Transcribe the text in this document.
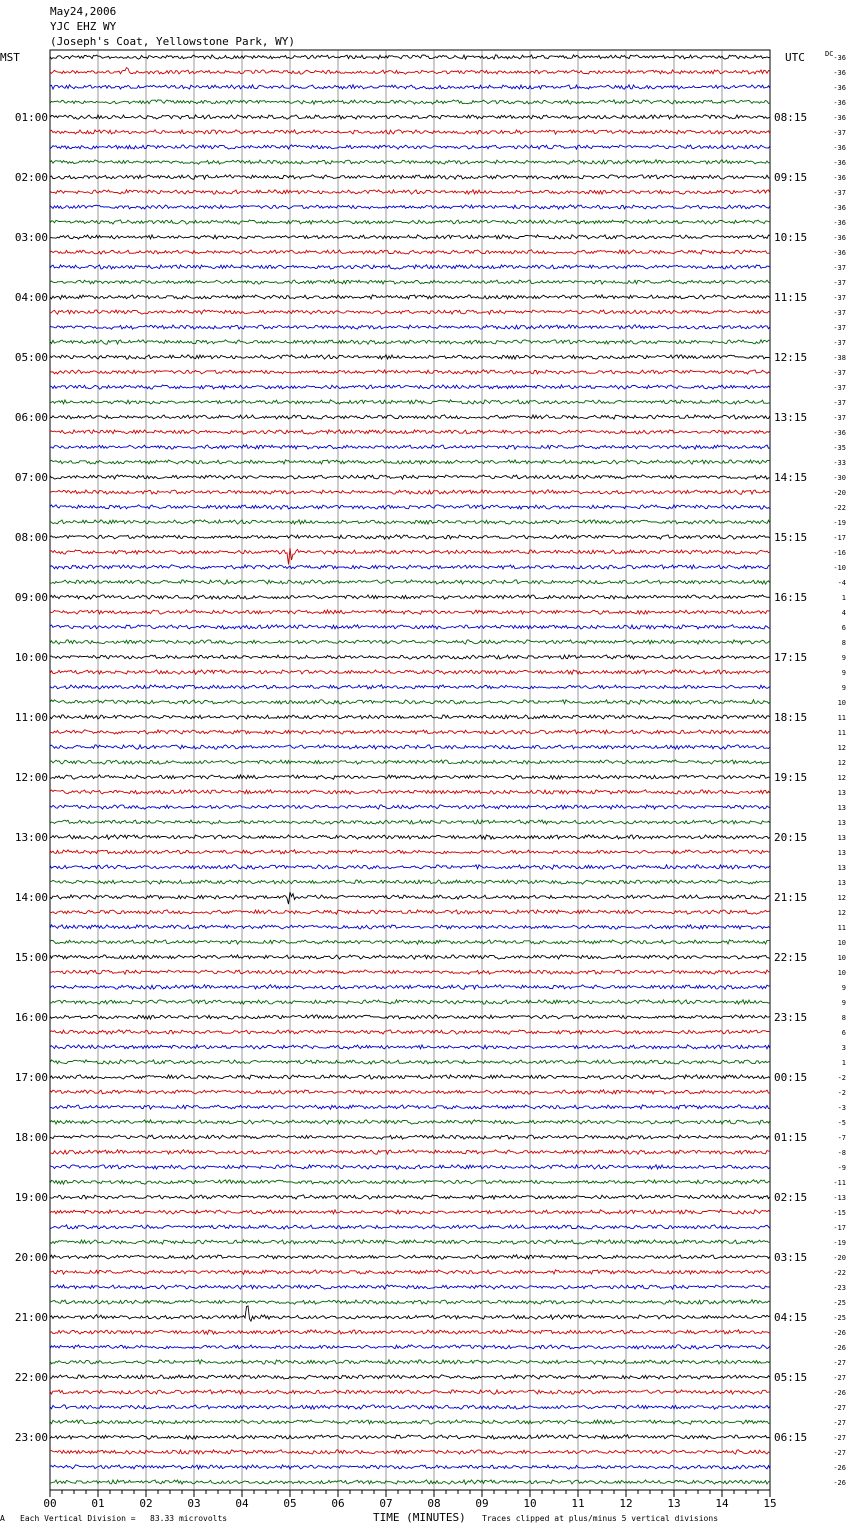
May24,2006
YJC EHZ WY
(Joseph's Coat, Yellowstone Park, WY)
00	01	02	03	04	05	06	07	08	09	10	11	12	13	14	15
MST	UTC	DC
01:00
02:00
03:00
04:00
05:00
06:00
07:00
08:00
09:00
10:00
11:00
12:00
13:00
14:00
15:00
16:00
17:00
18:00
19:00
20:00
21:00
22:00
23:00
08:15
09:15
10:15
11:15
12:15
13:15
14:15
15:15
16:15
17:15
18:15
19:15
20:15
21:15
22:15
23:15
00:15
01:15
02:15
03:15
04:15
05:15
06:15
-36
-36
-36
-36
-36
-37
-36
-36
-36
-37
-36
-36
-36
-36
-37
-37
-37
-37
-37
-37
-38
-37
-37
-37
-37
-36
-35
-33
-30
-20
-22
-19
-17
-16
-10
-4
1
4
6
8
9
9
9
10
11
11
12
12
12
13
13
13
13
13
13
13
12
12
11
10
10
10
9
9
8
6
3
1
-2
-2
-3
-5
-7
-8
-9
-11
-13
-15
-17
-19
-20
-22
-23
-25
-25
-26
-26
-27
-27
-26
-27
-27
-27
-27
-26
-26
A Each Vertical Division =   83.33 microvolts	TIME (MINUTES) Traces clipped at plus/minus 5 vertical divisions
